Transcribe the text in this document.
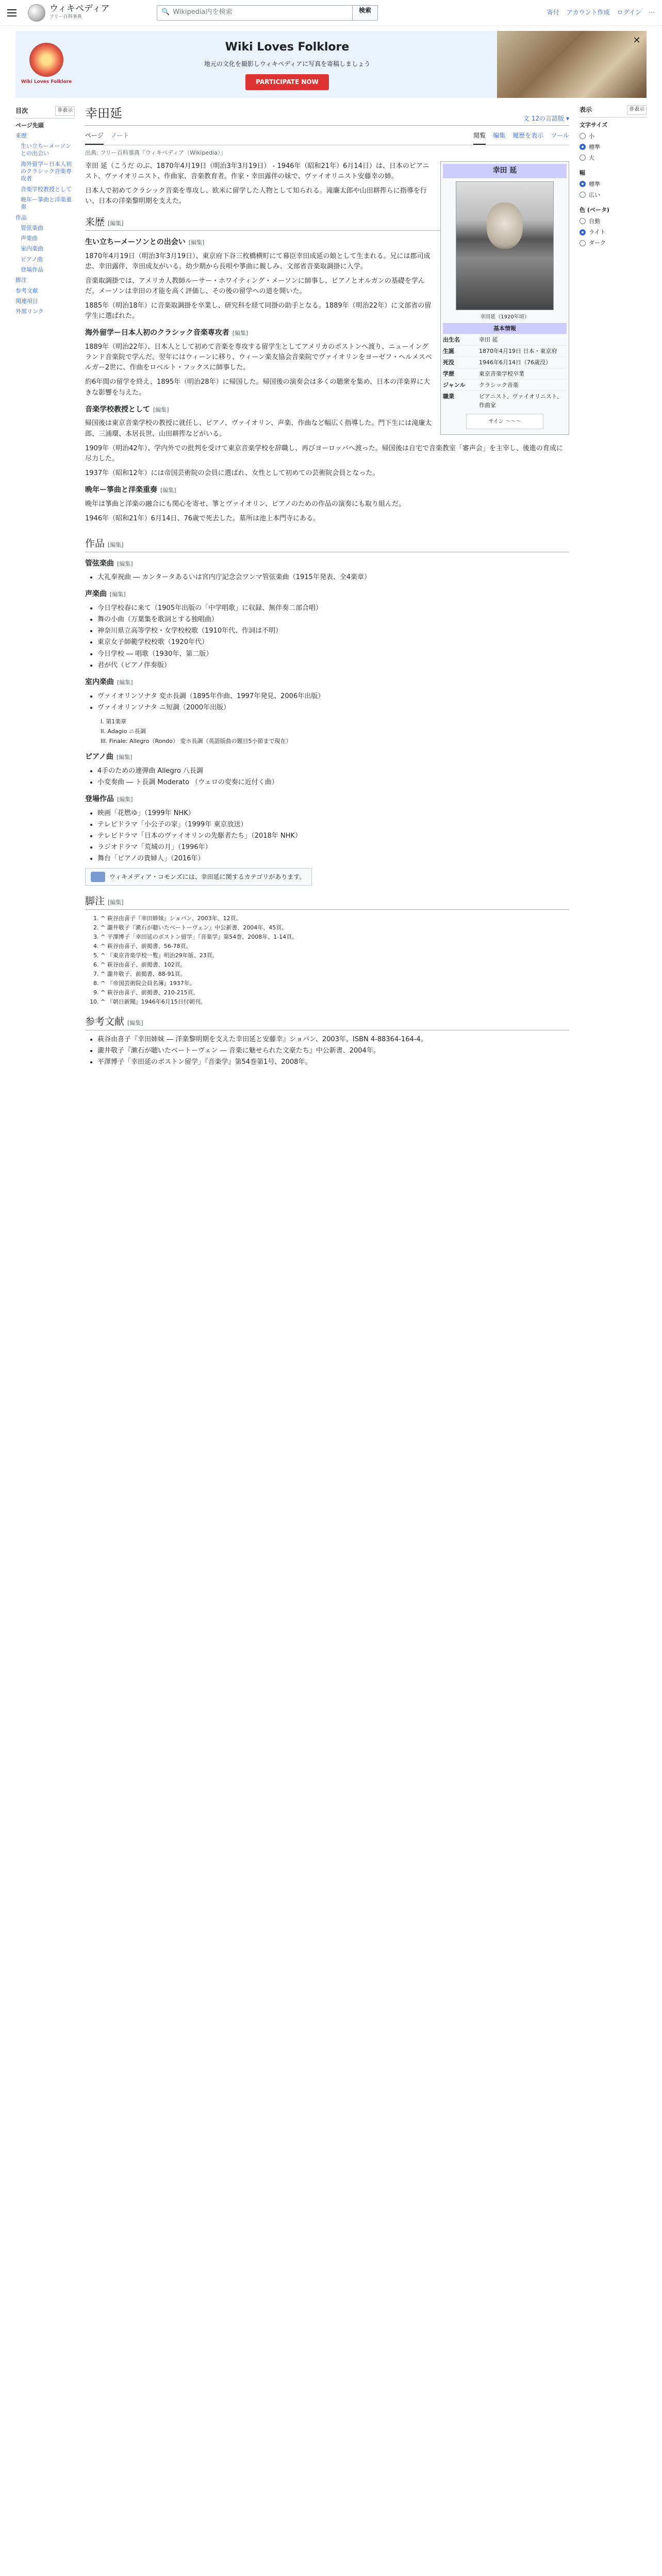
ウィキペディア
フリー百科事典
🔍 Wikipedia内を検索	検索	寄付 アカウント作成 ログイン ⋯
Wiki Loves Folklore
Wiki Loves Folklore
地元の文化を撮影しウィキペディアに写真を寄稿しましょう
PARTICIPATE NOW
✕
目次	非表示
ページ先頭
来歴
生い立ちーメーソンとの出会い
海外留学ー日本人初のクラシック音楽専攻者
音楽学校教授として
晩年ー箏曲と洋楽重奏
作品
管弦楽曲
声楽曲
室内楽曲
ピアノ曲
登場作品
脚注
参考文献
関連項目
外部リンク
幸田延	文 12の言語版 ▾
ページ ノート	閲覧 編集 履歴を表示 ツール
出典: フリー百科事典『ウィキペディア（Wikipedia）』
幸田 延
幸田延（1920年頃）
基本情報
出生名	幸田 延
生誕	1870年4月19日 日本・東京府
死没	1946年6月14日（76歳没）
学歴	東京音楽学校卒業
ジャンル	クラシック音楽
職業	ピアニスト、ヴァイオリニスト、作曲家
サイン 〜〜〜

幸田 延（こうだ のぶ、1870年4月19日（明治3年3月19日） - 1946年（昭和21年）6月14日）は、日本のピアニスト、ヴァイオリニスト、作曲家、音楽教育者。作家・幸田露伴の妹で、ヴァイオリニスト安藤幸の姉。

日本人で初めてクラシック音楽を専攻し、欧米に留学した人物として知られる。滝廉太郎や山田耕筰らに指導を行い、日本の洋楽黎明期を支えた。

来歴 [編集]
生い立ちーメーソンとの出会い [編集]

1870年4月19日（明治3年3月19日）、東京府下谷三枚橋横町にて幕臣幸田成延の娘として生まれる。兄には郡司成忠、幸田露伴、幸田成友がいる。幼少期から長唄や箏曲に親しみ、文部省音楽取調掛に入学。

音楽取調掛では、アメリカ人教師ルーサー・ホワイティング・メーソンに師事し、ピアノとオルガンの基礎を学んだ。メーソンは幸田の才能を高く評価し、その後の留学への道を開いた。

1885年（明治18年）に音楽取調掛を卒業し、研究科を経て同掛の助手となる。1889年（明治22年）に文部省の留学生に選ばれた。

海外留学ー日本人初のクラシック音楽専攻者 [編集]

1889年（明治22年）、日本人として初めて音楽を専攻する留学生としてアメリカのボストンへ渡り、ニューイングランド音楽院で学んだ。翌年にはウィーンに移り、ウィーン楽友協会音楽院でヴァイオリンをヨーゼフ・ヘルメスベルガー2世に、作曲をロベルト・フックスに師事した。

約6年間の留学を終え、1895年（明治28年）に帰国した。帰国後の演奏会は多くの聴衆を集め、日本の洋楽界に大きな影響を与えた。

音楽学校教授として [編集]

帰国後は東京音楽学校の教授に就任し、ピアノ、ヴァイオリン、声楽、作曲など幅広く指導した。門下生には滝廉太郎、三浦環、本居長世、山田耕筰などがいる。

1909年（明治42年）、学内外での批判を受けて東京音楽学校を辞職し、再びヨーロッパへ渡った。帰国後は自宅で音楽教室「審声会」を主宰し、後進の育成に尽力した。

1937年（昭和12年）には帝国芸術院の会員に選ばれ、女性として初めての芸術院会員となった。

晩年ー箏曲と洋楽重奏 [編集]

晩年は箏曲と洋楽の融合にも関心を寄せ、箏とヴァイオリン、ピアノのための作品の演奏にも取り組んだ。

1946年（昭和21年）6月14日、76歳で死去した。墓所は池上本門寺にある。

作品 [編集]
管弦楽曲 [編集]
• 大礼奉祝曲 ― カンタータあるいは宮内庁記念会ワンマ管弦楽曲（1915年発表、全4楽章）
声楽曲 [編集]
• 今日学校春に来て（1905年出版の「中学唱歌」に収録、無伴奏二部合唱）
• 舞の小曲（万葉集を歌詞とする独唱曲）
• 神奈川県立高等学校・女学校校歌（1910年代、作詞は不明）
• 東京女子師範学校校歌（1920年代）
• 今日学校 ― 唱歌（1930年、第二版）
• 君が代（ピアノ伴奏版）
室内楽曲 [編集]
• ヴァイオリンソナタ 変ホ長調（1895年作曲、1997年発見、2006年出版）
• ヴァイオリンソナタ ニ短調（2000年出版）
I. 第1楽章
II. Adagio ニ長調
III. Finale: Allegro（Rondo） 変ホ長調（英語版曲の題目5小節まで現在）
ピアノ曲 [編集]
• 4手のための連弾曲 Allegro 八長調
• 小変奏曲 ― ト長調 Moderato （ウェロの変奏に近付く曲）
登場作品 [編集]
• 映画「花燃ゆ」（1999年 NHK）
• テレビドラマ「小公子の家」（1999年 東京放送）
• テレビドラマ「日本のヴァイオリンの先駆者たち」（2018年 NHK）
• ラジオドラマ「荒城の月」（1996年）
• 舞台「ピアノの貴婦人」（2016年）
ウィキメディア・コモンズには、幸田延に関するカテゴリがあります。
脚注 [編集]
1. ^ 萩谷由喜子『幸田姉妹』ショパン、2003年、12頁。
2. ^ 瀧井敬子『漱石が聴いたベートーヴェン』中公新書、2004年、45頁。
3. ^ 平澤博子「幸田延のボストン留学」『音楽学』第54巻、2008年、1-14頁。
4. ^ 萩谷由喜子、前掲書、56-78頁。
5. ^ 『東京音楽学校一覧』明治29年版、23頁。
6. ^ 萩谷由喜子、前掲書、102頁。
7. ^ 瀧井敬子、前掲書、88-91頁。
8. ^ 『帝国芸術院会員名簿』1937年。
9. ^ 萩谷由喜子、前掲書、210-215頁。
10. ^ 『朝日新聞』1946年6月15日付朝刊。
参考文献 [編集]
• 萩谷由喜子『幸田姉妹 ― 洋楽黎明期を支えた幸田延と安藤幸』ショパン、2003年。ISBN 4-88364-164-4。
• 瀧井敬子『漱石が聴いたベートーヴェン ― 音楽に魅せられた文豪たち』中公新書、2004年。
• 平澤博子「幸田延のボストン留学」『音楽学』第54巻第1号、2008年。
表示	非表示
文字サイズ
小
標準
大
幅
標準
広い
色 (ベータ)
自動
ライト
ダーク
